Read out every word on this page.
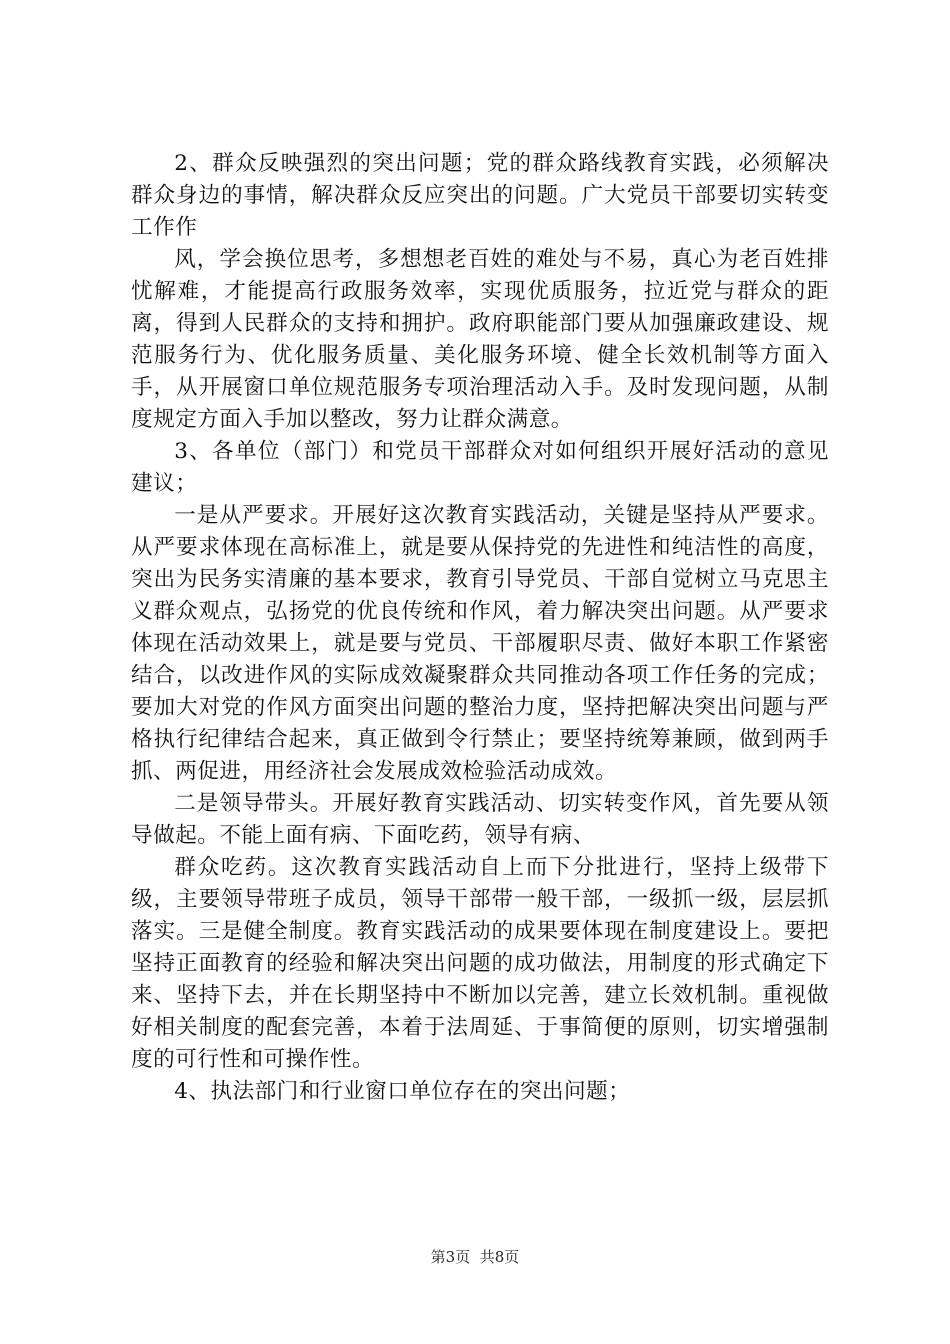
2、群众反映强烈的突出问题；党的群众路线教育实践，必须解决群众身边的事情，解决群众反应突出的问题。广大党员干部要切实转变工作作

风，学会换位思考，多想想老百姓的难处与不易，真心为老百姓排忧解难，才能提高行政服务效率，实现优质服务，拉近党与群众的距离，得到人民群众的支持和拥护。政府职能部门要从加强廉政建设、规范服务行为、优化服务质量、美化服务环境、健全长效机制等方面入手，从开展窗口单位规范服务专项治理活动入手。及时发现问题，从制度规定方面入手加以整改，努力让群众满意。

3、各单位（部门）和党员干部群众对如何组织开展好活动的意见建议；

一是从严要求。开展好这次教育实践活动，关键是坚持从严要求。从严要求体现在高标准上，就是要从保持党的先进性和纯洁性的高度，突出为民务实清廉的基本要求，教育引导党员、干部自觉树立马克思主义群众观点，弘扬党的优良传统和作风，着力解决突出问题。从严要求体现在活动效果上，就是要与党员、干部履职尽责、做好本职工作紧密结合，以改进作风的实际成效凝聚群众共同推动各项工作任务的完成；要加大对党的作风方面突出问题的整治力度，坚持把解决突出问题与严格执行纪律结合起来，真正做到令行禁止；要坚持统筹兼顾，做到两手抓、两促进，用经济社会发展成效检验活动成效。

二是领导带头。开展好教育实践活动、切实转变作风，首先要从领导做起。不能上面有病、下面吃药，领导有病、

群众吃药。这次教育实践活动自上而下分批进行，坚持上级带下级，主要领导带班子成员，领导干部带一般干部，一级抓一级，层层抓落实。三是健全制度。教育实践活动的成果要体现在制度建设上。要把坚持正面教育的经验和解决突出问题的成功做法，用制度的形式确定下来、坚持下去，并在长期坚持中不断加以完善，建立长效机制。重视做好相关制度的配套完善，本着于法周延、于事简便的原则，切实增强制度的可行性和可操作性。

4、执法部门和行业窗口单位存在的突出问题；

第3页 共8页
